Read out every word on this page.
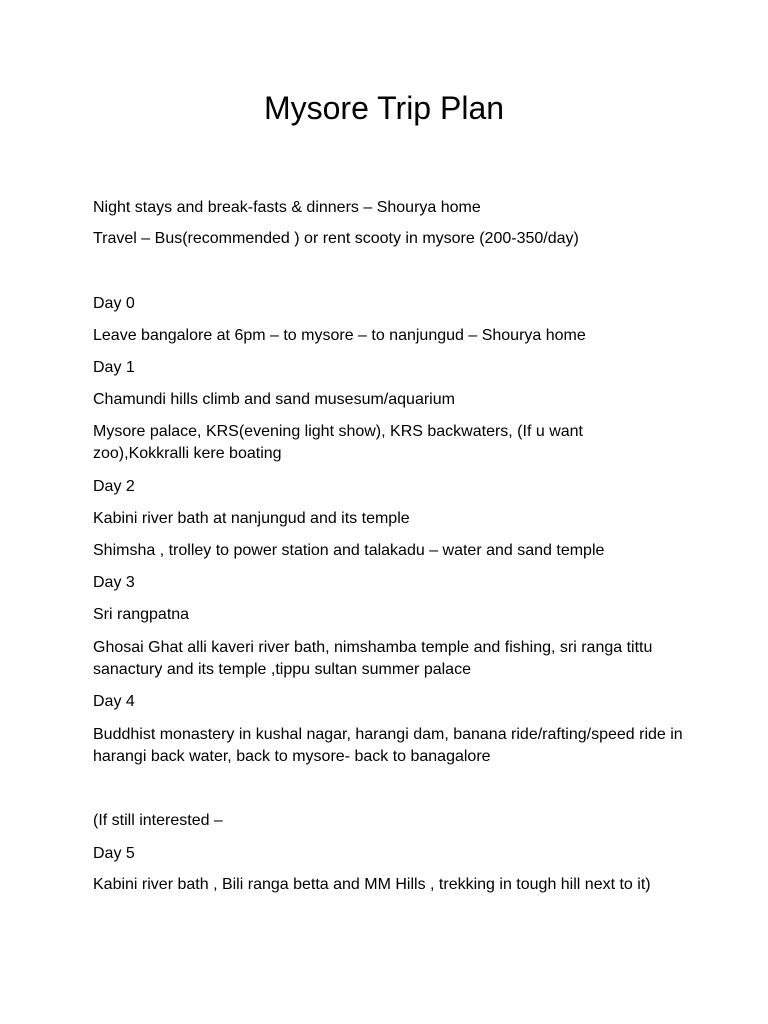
Mysore Trip Plan

Night stays and break-fasts & dinners – Shourya home

Travel – Bus(recommended ) or rent scooty in mysore (200-350/day)

Day 0

Leave bangalore at 6pm – to mysore – to nanjungud – Shourya home

Day 1

Chamundi hills climb and sand musesum/aquarium

Mysore palace, KRS(evening light show), KRS backwaters, (If u want zoo),Kokkralli kere boating

Day 2

Kabini river bath at nanjungud and its temple

Shimsha , trolley to power station and talakadu – water and sand temple

Day 3

Sri rangpatna

Ghosai Ghat alli kaveri river bath, nimshamba temple and fishing, sri ranga tittu sanactury and its temple ,tippu sultan summer palace

Day 4

Buddhist monastery in kushal nagar, harangi dam, banana ride/rafting/speed ride in harangi back water, back to mysore- back to banagalore

(If still interested –

Day 5

Kabini river bath , Bili ranga betta and MM Hills , trekking in tough hill next to it)
